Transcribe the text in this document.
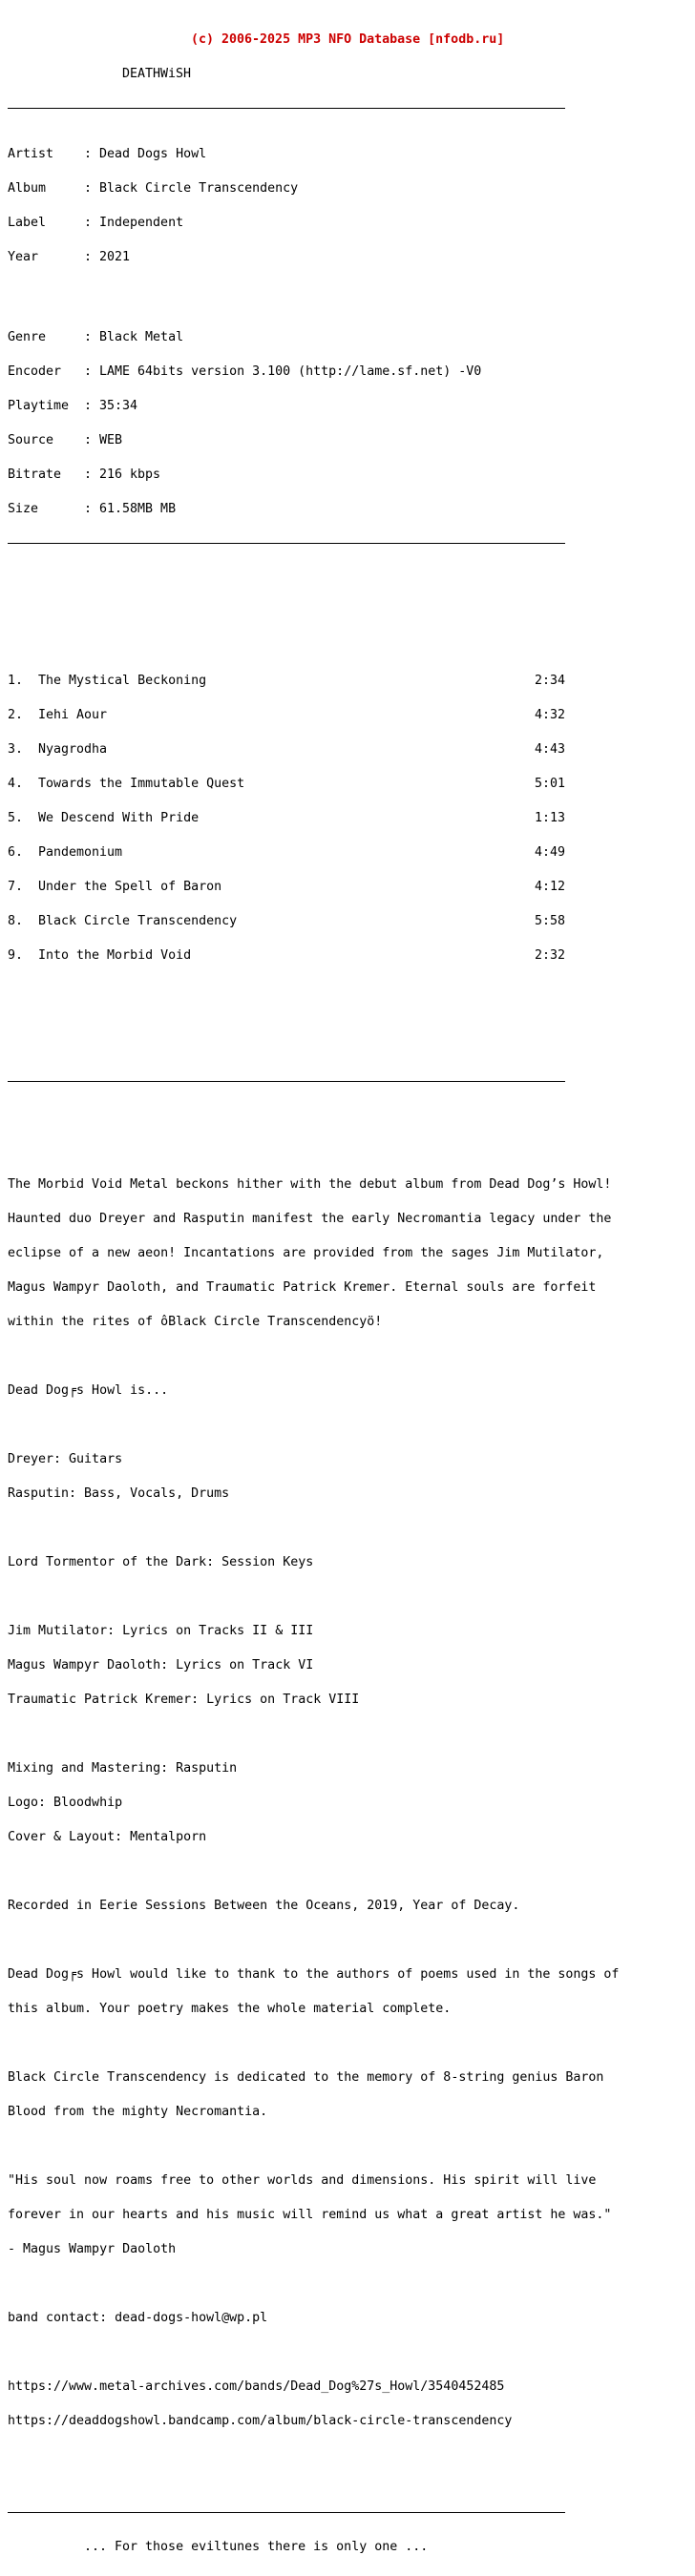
(c) 2006-2025 MP3 NFO Database [nfodb.ru]

DEATHWiSH

Artist : Dead Dogs Howl

Album	: Black Circle Transcendency

Label	: Independent

Year	: 2021

Genre	: Black Metal

Encoder : LAME 64bits version 3.100 (http://lame.sf.net) -V0

Playtime : 35:34

Source : WEB

Bitrate : 216 kbps

Size	: 61.58MB MB

1. The Mystical Beckoning	2:34

2. Iehi Aour	4:32

3. Nyagrodha	4:43

4. Towards the Immutable Quest	5:01

5. We Descend With Pride	1:13

6. Pandemonium	4:49

7. Under the Spell of Baron	4:12

8. Black Circle Transcendency	5:58

9. Into the Morbid Void	2:32

The Morbid Void Metal beckons hither with the debut album from Dead Dog’s Howl!

Haunted duo Dreyer and Rasputin manifest the early Necromantia legacy under the

eclipse of a new aeon! Incantations are provided from the sages Jim Mutilator,

Magus Wampyr Daoloth, and Traumatic Patrick Kremer. Eternal souls are forfeit

within the rites of ôBlack Circle Transcendencyö!

Dead Dog╒s Howl is...

Dreyer: Guitars

Rasputin: Bass, Vocals, Drums

Lord Tormentor of the Dark: Session Keys

Jim Mutilator: Lyrics on Tracks II & III

Magus Wampyr Daoloth: Lyrics on Track VI

Traumatic Patrick Kremer: Lyrics on Track VIII

Mixing and Mastering: Rasputin

Logo: Bloodwhip

Cover & Layout: Mentalporn

Recorded in Eerie Sessions Between the Oceans, 2019, Year of Decay.

Dead Dog╒s Howl would like to thank to the authors of poems used in the songs of

this album. Your poetry makes the whole material complete.

Black Circle Transcendency is dedicated to the memory of 8-string genius Baron

Blood from the mighty Necromantia.

"His soul now roams free to other worlds and dimensions. His spirit will live

forever in our hearts and his music will remind us what a great artist he was."

- Magus Wampyr Daoloth

band contact: dead-dogs-howl@wp.pl

https://www.metal-archives.com/bands/Dead_Dog%27s_Howl/3540452485

https://deaddogshowl.bandcamp.com/album/black-circle-transcendency

... For those eviltunes there is only one ...
